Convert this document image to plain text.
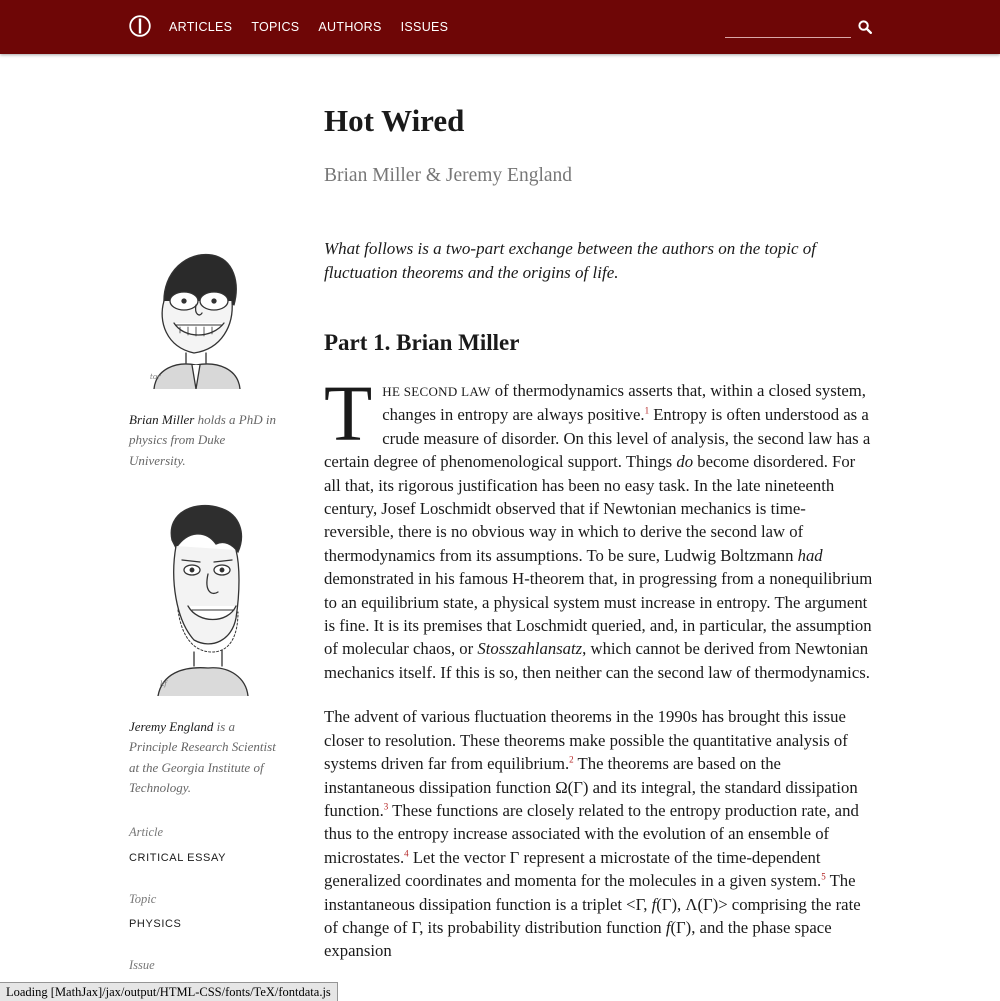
ARTICLES TOPICS AUTHORS ISSUES
Hot Wired

Brian Miller & Jeremy England

What follows is a two-part exchange between the authors on the topic of fluctuation theorems and the origins of life.

Part 1. Brian Miller

THE SECOND LAW of thermodynamics asserts that, within a closed system, changes in entropy are always positive.$^1$ Entropy is often understood as a crude measure of disorder. On this level of analysis, the second law has a certain degree of phenomenological support. Things do become disordered. For all that, its rigorous justification has been no easy task. In the late nineteenth century, Josef Loschmidt observed that if Newtonian mechanics is time-reversible, there is no obvious way in which to derive the second law of thermodynamics from its assumptions. To be sure, Ludwig Boltzmann had demonstrated in his famous H-theorem that, in progressing from a nonequilibrium to an equilibrium state, a physical system must increase in entropy. The argument is fine. It is its premises that Loschmidt queried, and, in particular, the assumption of molecular chaos, or Stosszahlansatz, which cannot be derived from Newtonian mechanics itself. If this is so, then neither can the second law of thermodynamics.

The advent of various fluctuation theorems in the 1990s has brought this issue closer to resolution. These theorems make possible the quantitative analysis of systems driven far from equilibrium.$^2$ The theorems are based on the instantaneous dissipation function Ω(Γ) and its integral, the standard dissipation function.$^3$ These functions are closely related to the entropy production rate, and thus to the entropy increase associated with the evolution of an ensemble of microstates.$^4$ Let the vector Γ represent a microstate of the time-dependent generalized coordinates and momenta for the molecules in a given system.$^5$ The instantaneous dissipation function is a triplet <Γ, f(Γ), Λ(Γ)> comprising the rate of change of Γ, its probability distribution function f(Γ), and the phase space expansion

tor

Brian Miller holds a PhD in physics from Duke University.

kf

Jeremy England is a Principle Research Scientist at the Georgia Institute of Technology.

Article

CRITICAL ESSAY

Topic

PHYSICS

Issue

Loading [MathJax]/jax/output/HTML-CSS/fonts/TeX/fontdata.js
